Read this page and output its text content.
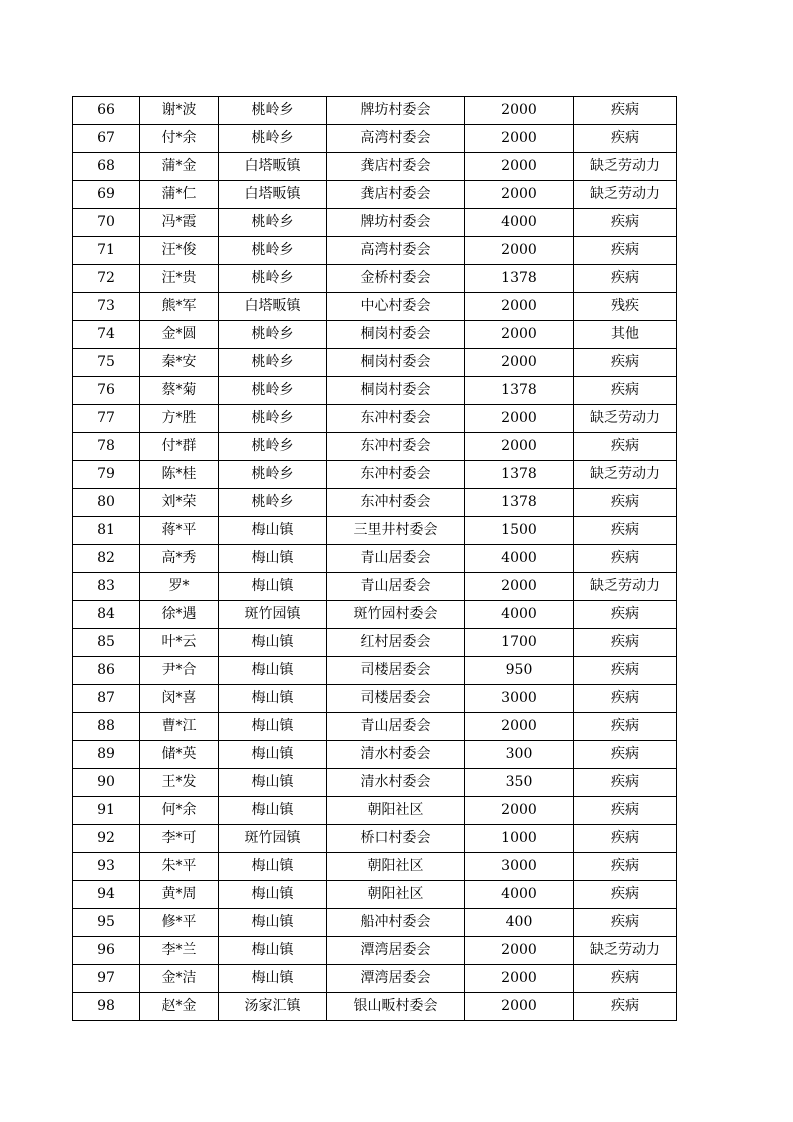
66	谢*波	桃岭乡	牌坊村委会	2000	疾病
67	付*余	桃岭乡	高湾村委会	2000	疾病
68	蒲*金	白塔畈镇	龚店村委会	2000	缺乏劳动力
69	蒲*仁	白塔畈镇	龚店村委会	2000	缺乏劳动力
70	冯*霞	桃岭乡	牌坊村委会	4000	疾病
71	汪*俊	桃岭乡	高湾村委会	2000	疾病
72	汪*贵	桃岭乡	金桥村委会	1378	疾病
73	熊*军	白塔畈镇	中心村委会	2000	残疾
74	金*圆	桃岭乡	桐岗村委会	2000	其他
75	秦*安	桃岭乡	桐岗村委会	2000	疾病
76	蔡*菊	桃岭乡	桐岗村委会	1378	疾病
77	方*胜	桃岭乡	东冲村委会	2000	缺乏劳动力
78	付*群	桃岭乡	东冲村委会	2000	疾病
79	陈*桂	桃岭乡	东冲村委会	1378	缺乏劳动力
80	刘*荣	桃岭乡	东冲村委会	1378	疾病
81	蒋*平	梅山镇	三里井村委会	1500	疾病
82	高*秀	梅山镇	青山居委会	4000	疾病
83	罗*	梅山镇	青山居委会	2000	缺乏劳动力
84	徐*遇	斑竹园镇	斑竹园村委会	4000	疾病
85	叶*云	梅山镇	红村居委会	1700	疾病
86	尹*合	梅山镇	司楼居委会	950	疾病
87	闵*喜	梅山镇	司楼居委会	3000	疾病
88	曹*江	梅山镇	青山居委会	2000	疾病
89	储*英	梅山镇	清水村委会	300	疾病
90	王*发	梅山镇	清水村委会	350	疾病
91	何*余	梅山镇	朝阳社区	2000	疾病
92	李*可	斑竹园镇	桥口村委会	1000	疾病
93	朱*平	梅山镇	朝阳社区	3000	疾病
94	黄*周	梅山镇	朝阳社区	4000	疾病
95	修*平	梅山镇	船冲村委会	400	疾病
96	李*兰	梅山镇	潭湾居委会	2000	缺乏劳动力
97	金*洁	梅山镇	潭湾居委会	2000	疾病
98	赵*金	汤家汇镇	银山畈村委会	2000	疾病
